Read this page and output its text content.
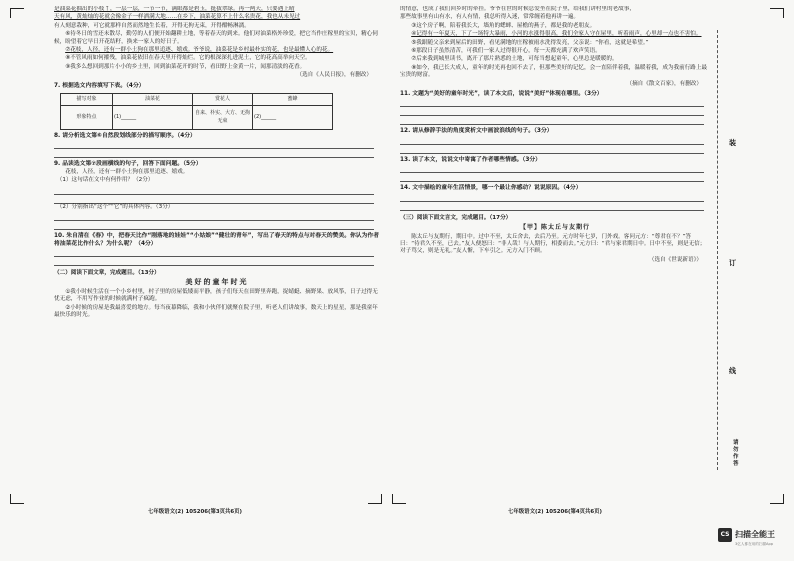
是油菜花抽出的小枝丫，一层一层，一节一节，满眼都是碧玉，挺拔翠绿。再一两天，只要遇上晴
天有风，黄灿灿的花就会像金子一样洒满大地……在乡下，油菜花算不上什么名贵花，我也从未见过
有人刻意栽种，可它就那样自然而然地生长着，开得无拘无束，开得酣畅淋漓。
⑥待冬日的雪还未散尽，勤劳的人们便开始翻耕土地，等着春天的到来。他们对油菜格外珍爱，把它当作庄稼里的宝贝，精心伺候，盼望着它早日开花结籽，换来一家人的好日子。
⑦花枝，人径，还有一群小土狗在那里追逐、嬉戏。爷爷说，油菜花是乡村最朴实的花，也是最懂人心的花。
⑧不管风雨如何摧残，油菜花依旧在春天里开得灿烂。它的根深深扎进泥土，它的花高高举向天空。
⑨我多么想回到那片小小的乡土里，回到油菜花开的时节，看田野上金黄一片，闻那清淡的花香。
（选自《人民日报》，有删改）
7. 根据选文内容填写下表。（4分）
描写对象	油菜花	赏花人	蜜蜂
形象特点	(1)______	自来、朴实、大方、无拘无束	(2)______
8. 请分析选文第⑥自然段划线部分的描写顺序。（4分）
9. 品读选文第⑦段画横线的句子，回答下面问题。（5分）
花枝，人径，还有一群小土狗在那里追逐、嬉戏。
（1）这句话在文中有何作用？（2分）
（2）分别指出“这个”“它”的具体内容。（3分）
10. 朱自清在《春》中，把春天比作“刚落地的娃娃”“小姑娘”“健壮的青年”，写出了春天的特点与对春天的赞美。你认为作者将油菜花比作什么？为什么呢？（4分）
（二）阅读下面文章，完成题目。（13分）
美好的童年时光
①我小时候生活在一个小乡村里，村子里的房屋低矮而平静，孩子们每天在田野里奔跑，捉蜻蜓、摘野果、放风筝，日子过得无忧无虑，不用写作业的时候就满村子疯跑。
②小时候的房屋是我最喜爱的地方。每当夜幕降临，我和小伙伴们就聚在院子里，听老人们讲故事，数天上的星星，那是我童年最快乐的时光。
的情意，也成了我们回乡时的牵挂。爷爷在世的时候总爱坐在院子里，给我们讲村里的老故事，
那些故事里有山有水，有人有情，我总听得入迷，常常缠着他再讲一遍。
③这个房子啊，陪着我长大，墙角的蟋蟀、屋檐的燕子，都是我的老朋友。
④记得有一年夏天，下了一场特大暴雨，小河的水涨得很高，我们全家人守在屋里，听着雨声，心里却一点也不害怕。
⑤我跟随父亲来到屋后的田野，看见满地的庄稼被雨水洗得发亮，父亲说：“你看，这就是希望。”
⑥那段日子虽然清苦，可我们一家人过得很开心，每一天都充满了欢声笑语。
⑦后来我到城里读书，离开了那片熟悉的土地，可每当想起童年，心里总是暖暖的。
⑧如今，我已长大成人，童年的时光再也回不去了，但那些美好的记忆，会一直陪伴着我，温暖着我，成为我前行路上最宝贵的财富。
（摘自《散文百家》，有删改）
11. 文题为“美好的童年时光”，读了本文后，说说“美好”体现在哪里。（3分）
12. 请从修辞手法的角度赏析文中画波浪线的句子。（3分）
13. 读了本文，说说文中寄寓了作者哪些情感。（3分）
14. 文中描绘的童年生活情景，哪一个最让你感动？说说原因。（4分）
（三）阅读下面文言文，完成题目。（17分）
【甲】陈太丘与友期行
陈太丘与友期行，期日中。过中不至，太丘舍去，去后乃至。元方时年七岁，门外戏。客问元方：“尊君在不？”答曰：“待君久不至，已去。”友人便怒曰：“非人哉！与人期行，相委而去。”元方曰：“君与家君期日中。日中不至，则是无信；对子骂父，则是无礼。”友人惭，下车引之。元方入门不顾。
（选自《世说新语》）
七年级语文(2) 105206(第3页共6页)	七年级语文(2) 105206(第4页共6页)
装
订
线
请勿作答
CS 扫描全能王
3亿人都在用的扫描App
